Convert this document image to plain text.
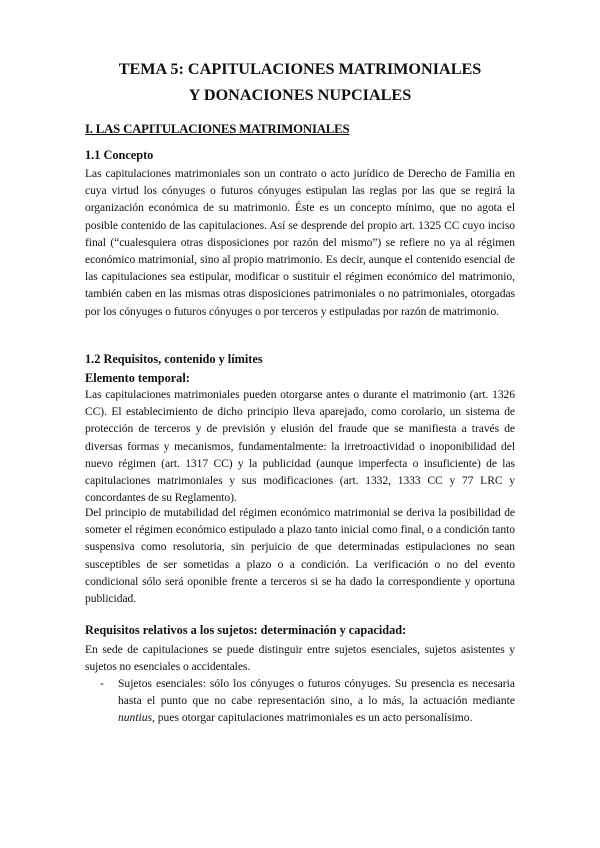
TEMA 5: CAPITULACIONES MATRIMONIALES
Y DONACIONES NUPCIALES
I. LAS CAPITULACIONES MATRIMONIALES
1.1 Concepto

Las capitulaciones matrimoniales son un contrato o acto jurídico de Derecho de Familia en cuya virtud los cónyuges o futuros cónyuges estipulan las reglas por las que se regirá la organización económica de su matrimonio. Éste es un concepto mínimo, que no agota el posible contenido de las capitulaciones. Así se desprende del propio art. 1325 CC cuyo inciso final (“cualesquiera otras disposiciones por razón del mismo”) se refiere no ya al régimen económico matrimonial, sino al propio matrimonio. Es decir, aunque el contenido esencial de las capitulaciones sea estipular, modificar o sustituir el régimen económico del matrimonio, también caben en las mismas otras disposiciones patrimoniales o no patrimoniales, otorgadas por los cónyuges o futuros cónyuges o por terceros y estipuladas por razón de matrimonio.

1.2 Requisitos, contenido y límites
Elemento temporal:

Las capitulaciones matrimoniales pueden otorgarse antes o durante el matrimonio (art. 1326 CC). El establecimiento de dicho principio lleva aparejado, como corolario, un sistema de protección de terceros y de previsión y elusión del fraude que se manifiesta a través de diversas formas y mecanismos, fundamentalmente: la irretroactividad o inoponibilidad del nuevo régimen (art. 1317 CC) y la publicidad (aunque imperfecta o insuficiente) de las capitulaciones matrimoniales y sus modificaciones (art. 1332, 1333 CC y 77 LRC y concordantes de su Reglamento).

Del principio de mutabilidad del régimen económico matrimonial se deriva la posibilidad de someter el régimen económico estipulado a plazo tanto inicial como final, o a condición tanto suspensiva como resolutoria, sin perjuicio de que determinadas estipulaciones no sean susceptibles de ser sometidas a plazo o a condición. La verificación o no del evento condicional sólo será oponible frente a terceros si se ha dado la correspondiente y oportuna publicidad.

Requisitos relativos a los sujetos: determinación y capacidad:

En sede de capitulaciones se puede distinguir entre sujetos esenciales, sujetos asistentes y sujetos no esenciales o accidentales.

- Sujetos esenciales: sólo los cónyuges o futuros cónyuges. Su presencia es necesaria hasta el punto que no cabe representación sino, a lo más, la actuación mediante nuntius, pues otorgar capitulaciones matrimoniales es un acto personalísimo.
